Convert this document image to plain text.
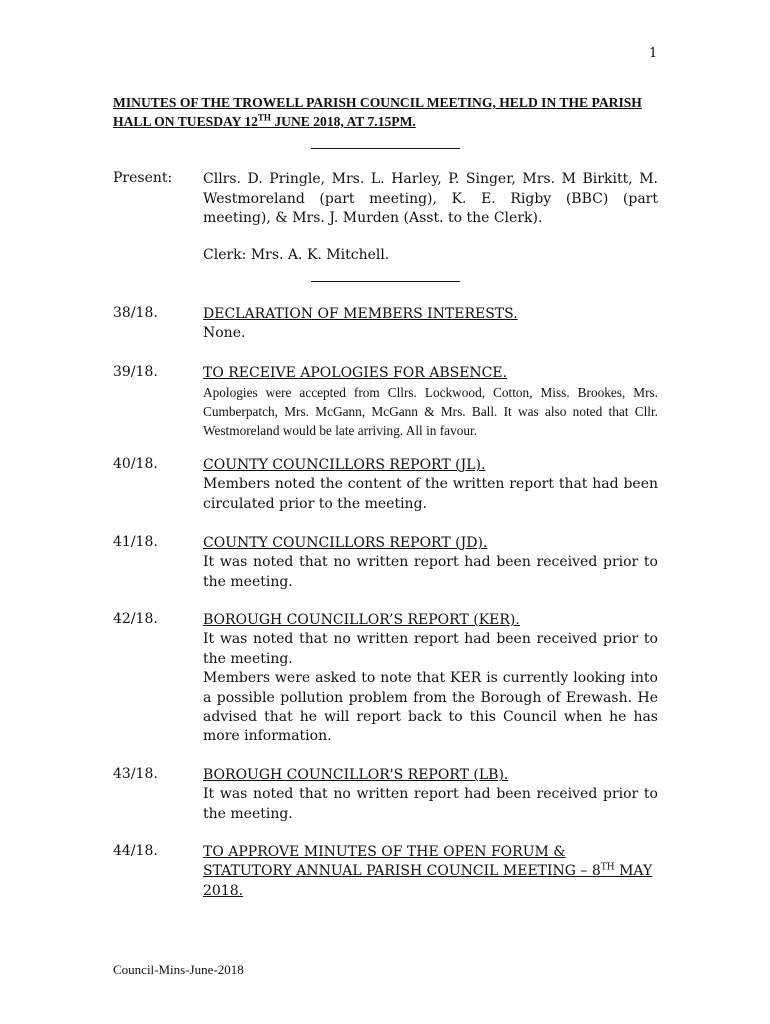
1
MINUTES OF THE TROWELL PARISH COUNCIL MEETING, HELD IN THE PARISH HALL ON TUESDAY 12TH JUNE 2018, AT 7.15PM.
Present: Cllrs. D. Pringle, Mrs. L. Harley, P. Singer, Mrs. M Birkitt, M. Westmoreland (part meeting), K. E. Rigby (BBC) (part meeting), & Mrs. J. Murden (Asst. to the Clerk).
Clerk: Mrs. A. K. Mitchell.
38/18.	DECLARATION OF MEMBERS INTERESTS.
None.
39/18.	TO RECEIVE APOLOGIES FOR ABSENCE.
Apologies were accepted from Cllrs. Lockwood, Cotton, Miss. Brookes, Mrs. Cumberpatch, Mrs. McGann, McGann & Mrs. Ball. It was also noted that Cllr. Westmoreland would be late arriving. All in favour.
40/18.	COUNTY COUNCILLORS REPORT (JL).
Members noted the content of the written report that had been circulated prior to the meeting.
41/18.	COUNTY COUNCILLORS REPORT (JD).
It was noted that no written report had been received prior to the meeting.
42/18.	BOROUGH COUNCILLOR’S REPORT (KER).
It was noted that no written report had been received prior to the meeting.
Members were asked to note that KER is currently looking into a possible pollution problem from the Borough of Erewash. He advised that he will report back to this Council when he has more information.
43/18.	BOROUGH COUNCILLOR'S REPORT (LB).
It was noted that no written report had been received prior to the meeting.
44/18.	TO APPROVE MINUTES OF THE OPEN FORUM & STATUTORY ANNUAL PARISH COUNCIL MEETING – 8TH MAY 2018.
Council-Mins-June-2018
